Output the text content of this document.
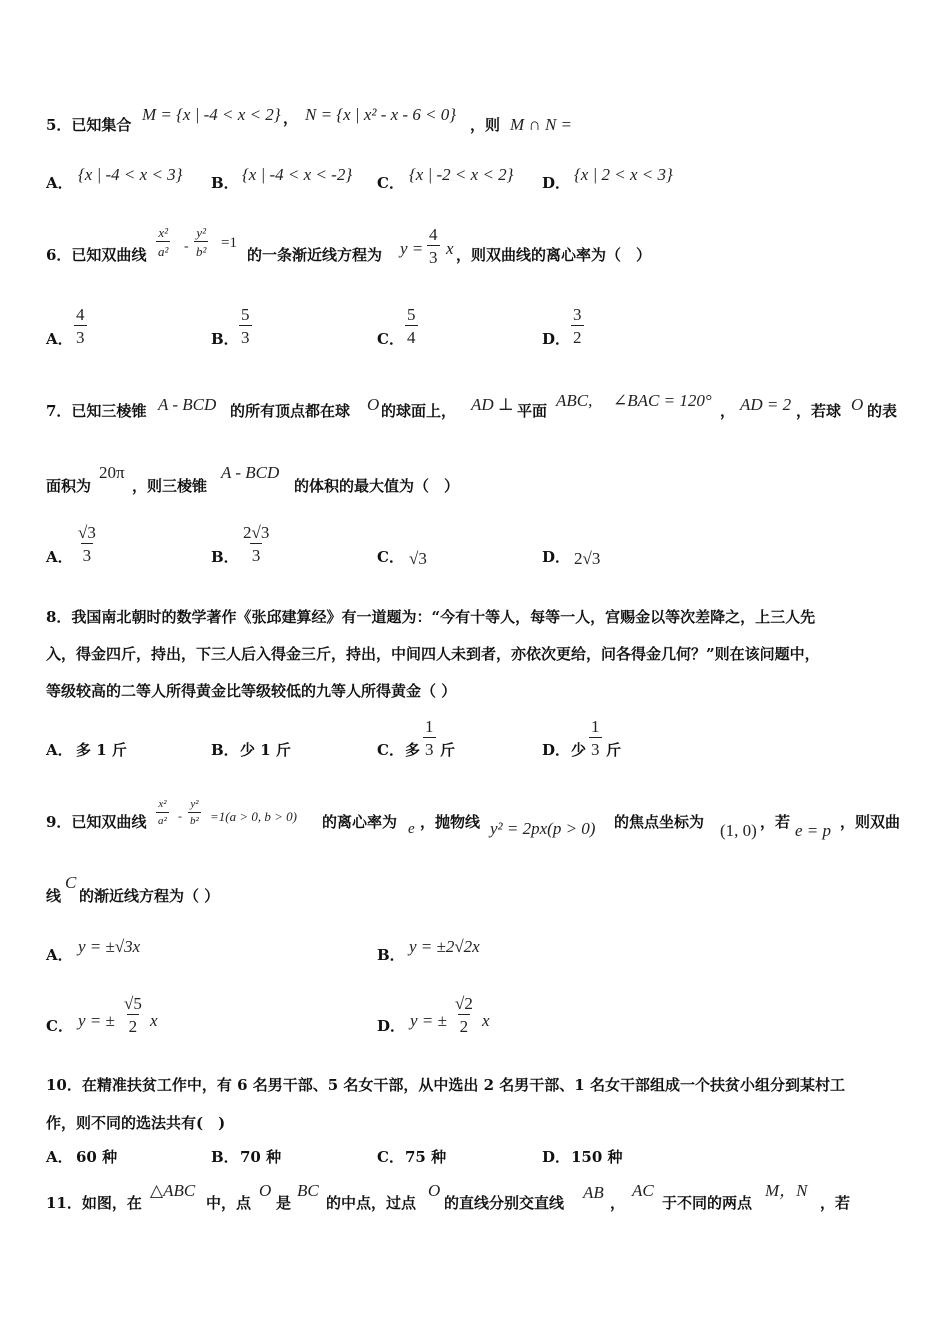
5．已知集合
M = {x | -4 < x < 2} ， N = {x | x² - x - 6 < 0}
，则 M ∩ N =
A． {x | -4 < x < 3} B． {x | -4 < x < -2} C． {x | -2 < x < 2} D． {x | 2 < x < 3}
6．已知双曲线 $\frac{\text{x²}}{\text{a²}} - \frac{\text{y²}}{\text{b²}} =1$
的一条渐近线方程为 $y = \frac{4}{3}$ x ，则双曲线的离心率为（　）
A． $\frac{4}{3}$	B． $\frac{5}{3}$	C． $\frac{5}{4}$	D． $\frac{3}{2}$
7．已知三棱锥 A - BCD 的所有顶点都在球 O 的球面上， AD ⊥ 平面
ABC, ∠BAC = 120°
， AD = 2 ，若球 O 的表
面积为
20π
，则三棱锥
A - BCD
的体积的最大值为（　）
A． $\frac{√3}{3}$	B． $\frac{2√3}{3}$	C． √3	D． 2√3
8．我国南北朝时的数学著作《张邱建算经》有一道题为：“今有十等人，每等一人，宫赐金以等次差降之，上三人先
入，得金四斤，持出，下三人后入得金三斤，持出，中间四人未到者，亦依次更给，问各得金几何？”则在该问题中，
等级较高的二等人所得黄金比等级较低的九等人所得黄金（ ）
A． 多 1 斤	B． 少 1 斤	C． 多 $\frac{1}{3}$ 斤	D． 少 $\frac{1}{3}$ 斤
9．已知双曲线 $\frac{\text{x²}}{\text{a²}} - \frac{\text{y²}}{\text{b²}} =1(a > 0$, b > 0) 的离心率为 e ，抛物线 y² = 2px(p > 0) 的焦点坐标为 (1, 0) ，若 e = p ，则双曲
线
C
的渐近线方程为（ ）
A． y = ±√3x	B． y = ±2√2x
C． y = ± $\frac{√5}{2}$ x	D． y = ± $\frac{√2}{2}$ x
10．在精准扶贫工作中，有 6 名男干部、5 名女干部，从中选出 2 名男干部、1 名女干部组成一个扶贫小组分到某村工
作，则不同的选法共有(　)
A． 60 种	B． 70 种	C． 75 种	D． 150 种
11．如图，在
△ABC
中，点
O
是
BC
的中点，过点
O
的直线分别交直线
AB
，
AC
于不同的两点
M，N
，若
